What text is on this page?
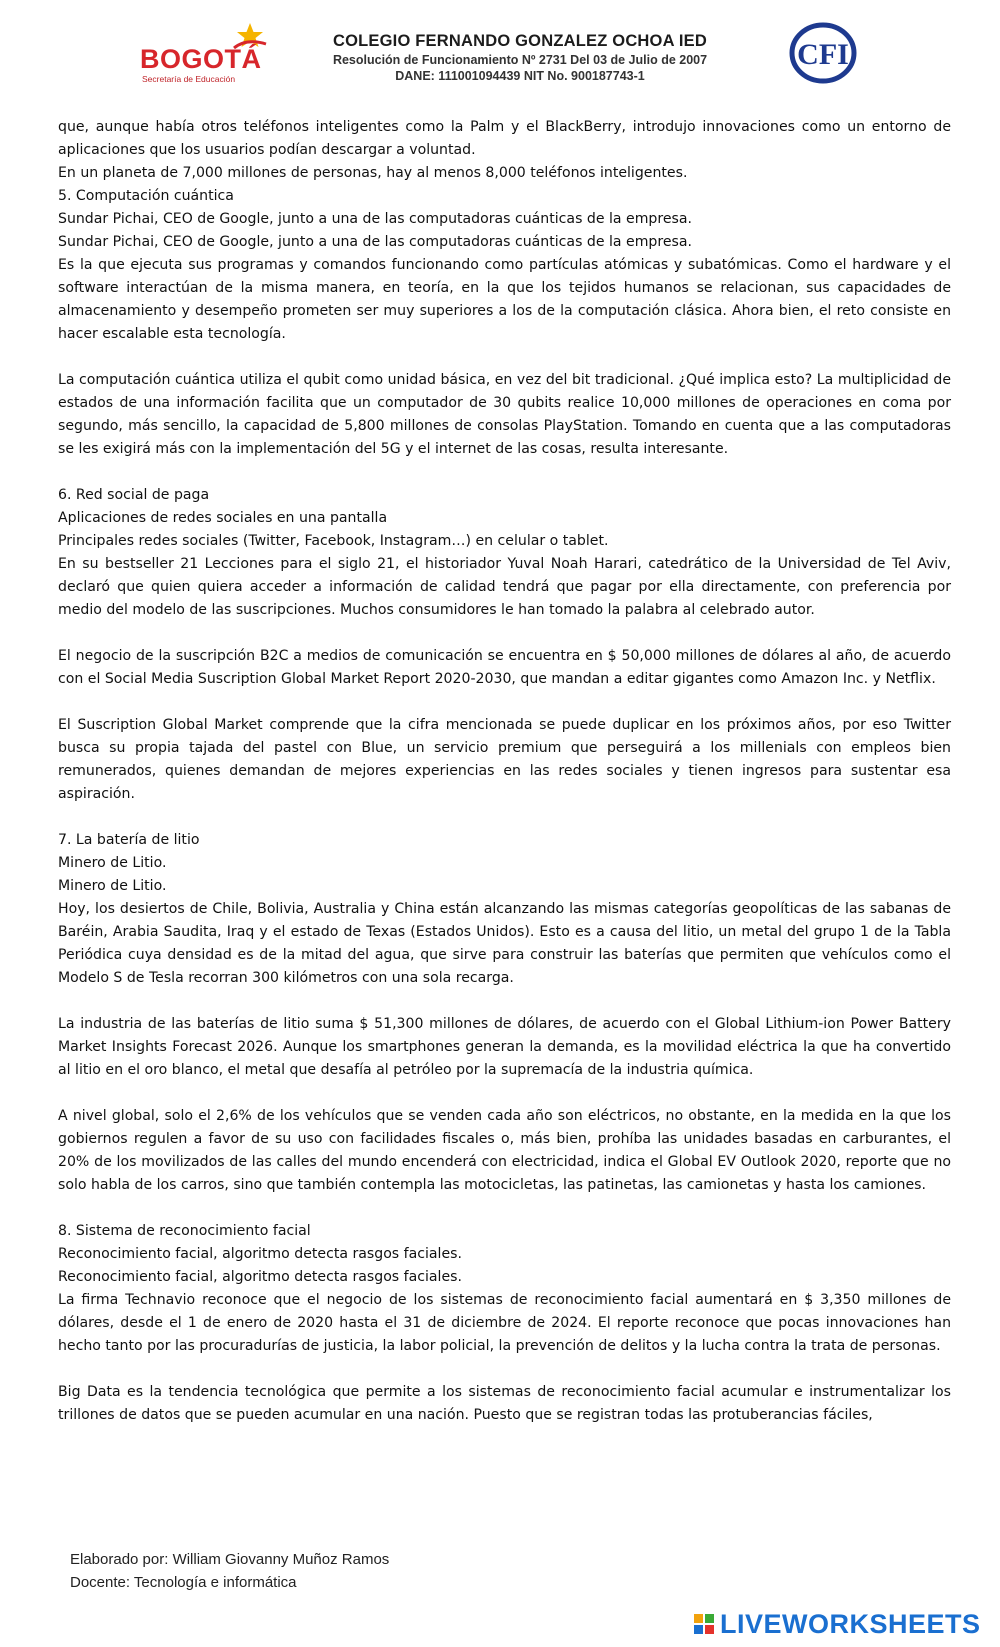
BOGOTÁ
Secretaría de Educación
COLEGIO FERNANDO GONZALEZ OCHOA IED
Resolución de Funcionamiento Nº 2731 Del 03 de Julio de 2007
DANE: 111001094439 NIT No. 900187743-1
CFI

que, aunque había otros teléfonos inteligentes como la Palm y el BlackBerry, introdujo innovaciones como un entorno de aplicaciones que los usuarios podían descargar a voluntad.

En un planeta de 7,000 millones de personas, hay al menos 8,000 teléfonos inteligentes.

5. Computación cuántica

Sundar Pichai, CEO de Google, junto a una de las computadoras cuánticas de la empresa.

Sundar Pichai, CEO de Google, junto a una de las computadoras cuánticas de la empresa.

Es la que ejecuta sus programas y comandos funcionando como partículas atómicas y subatómicas. Como el hardware y el software interactúan de la misma manera, en teoría, en la que los tejidos humanos se relacionan, sus capacidades de almacenamiento y desempeño prometen ser muy superiores a los de la computación clásica. Ahora bien, el reto consiste en hacer escalable esta tecnología.

La computación cuántica utiliza el qubit como unidad básica, en vez del bit tradicional. ¿Qué implica esto? La multiplicidad de estados de una información facilita que un computador de 30 qubits realice 10,000 millones de operaciones en coma por segundo, más sencillo, la capacidad de 5,800 millones de consolas PlayStation. Tomando en cuenta que a las computadoras se les exigirá más con la implementación del 5G y el internet de las cosas, resulta interesante.

6. Red social de paga

Aplicaciones de redes sociales en una pantalla

Principales redes sociales (Twitter, Facebook, Instagram…) en celular o tablet.

En su bestseller 21 Lecciones para el siglo 21, el historiador Yuval Noah Harari, catedrático de la Universidad de Tel Aviv, declaró que quien quiera acceder a información de calidad tendrá que pagar por ella directamente, con preferencia por medio del modelo de las suscripciones. Muchos consumidores le han tomado la palabra al celebrado autor.

El negocio de la suscripción B2C a medios de comunicación se encuentra en $ 50,000 millones de dólares al año, de acuerdo con el Social Media Suscription Global Market Report 2020-2030, que mandan a editar gigantes como Amazon Inc. y Netflix.

El Suscription Global Market comprende que la cifra mencionada se puede duplicar en los próximos años, por eso Twitter busca su propia tajada del pastel con Blue, un servicio premium que perseguirá a los millenials con empleos bien remunerados, quienes demandan de mejores experiencias en las redes sociales y tienen ingresos para sustentar esa aspiración.

7. La batería de litio

Minero de Litio.

Minero de Litio.

Hoy, los desiertos de Chile, Bolivia, Australia y China están alcanzando las mismas categorías geopolíticas de las sabanas de Baréin, Arabia Saudita, Iraq y el estado de Texas (Estados Unidos). Esto es a causa del litio, un metal del grupo 1 de la Tabla Periódica cuya densidad es de la mitad del agua, que sirve para construir las baterías que permiten que vehículos como el Modelo S de Tesla recorran 300 kilómetros con una sola recarga.

La industria de las baterías de litio suma $ 51,300 millones de dólares, de acuerdo con el Global Lithium-ion Power Battery Market Insights Forecast 2026. Aunque los smartphones generan la demanda, es la movilidad eléctrica la que ha convertido al litio en el oro blanco, el metal que desafía al petróleo por la supremacía de la industria química.

A nivel global, solo el 2,6% de los vehículos que se venden cada año son eléctricos, no obstante, en la medida en la que los gobiernos regulen a favor de su uso con facilidades fiscales o, más bien, prohíba las unidades basadas en carburantes, el 20% de los movilizados de las calles del mundo encenderá con electricidad, indica el Global EV Outlook 2020, reporte que no solo habla de los carros, sino que también contempla las motocicletas, las patinetas, las camionetas y hasta los camiones.

8. Sistema de reconocimiento facial

Reconocimiento facial, algoritmo detecta rasgos faciales.

Reconocimiento facial, algoritmo detecta rasgos faciales.

La firma Technavio reconoce que el negocio de los sistemas de reconocimiento facial aumentará en $ 3,350 millones de dólares, desde el 1 de enero de 2020 hasta el 31 de diciembre de 2024. El reporte reconoce que pocas innovaciones han hecho tanto por las procuradurías de justicia, la labor policial, la prevención de delitos y la lucha contra la trata de personas.

Big Data es la tendencia tecnológica que permite a los sistemas de reconocimiento facial acumular e instrumentalizar los trillones de datos que se pueden acumular en una nación. Puesto que se registran todas las protuberancias fáciles,

Elaborado por: William Giovanny Muñoz Ramos
Docente: Tecnología e informática
LIVEWORKSHEETS
